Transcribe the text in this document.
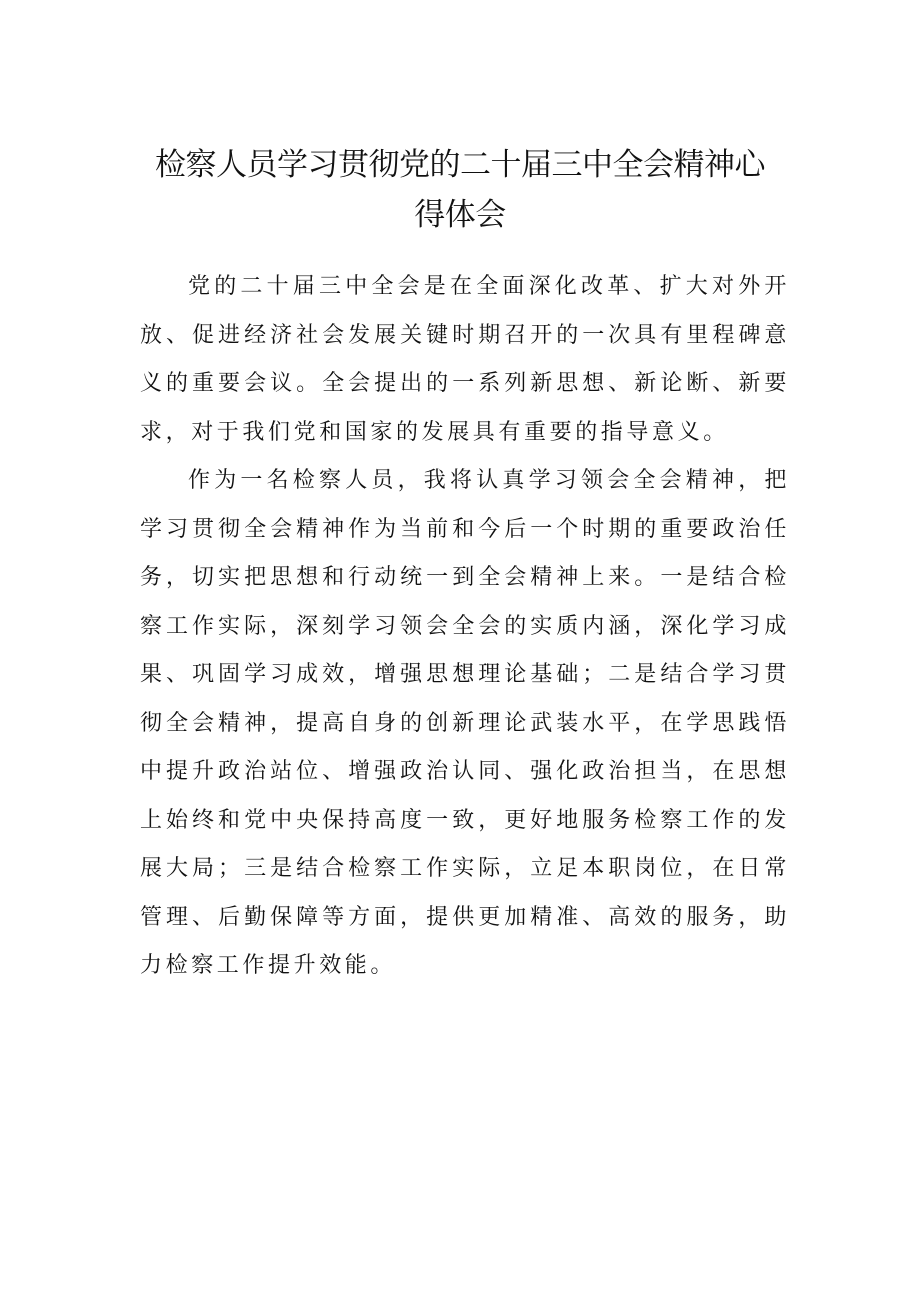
检察人员学习贯彻党的二十届三中全会精神心得体会

党的二十届三中全会是在全面深化改革、扩大对外开放、促进经济社会发展关键时期召开的一次具有里程碑意义的重要会议。全会提出的一系列新思想、新论断、新要求，对于我们党和国家的发展具有重要的指导意义。

作为一名检察人员，我将认真学习领会全会精神，把学习贯彻全会精神作为当前和今后一个时期的重要政治任务，切实把思想和行动统一到全会精神上来。一是结合检察工作实际，深刻学习领会全会的实质内涵，深化学习成果、巩固学习成效，增强思想理论基础；二是结合学习贯彻全会精神，提高自身的创新理论武装水平，在学思践悟中提升政治站位、增强政治认同、强化政治担当，在思想上始终和党中央保持高度一致，更好地服务检察工作的发展大局；三是结合检察工作实际，立足本职岗位，在日常管理、后勤保障等方面，提供更加精准、高效的服务，助力检察工作提升效能。
